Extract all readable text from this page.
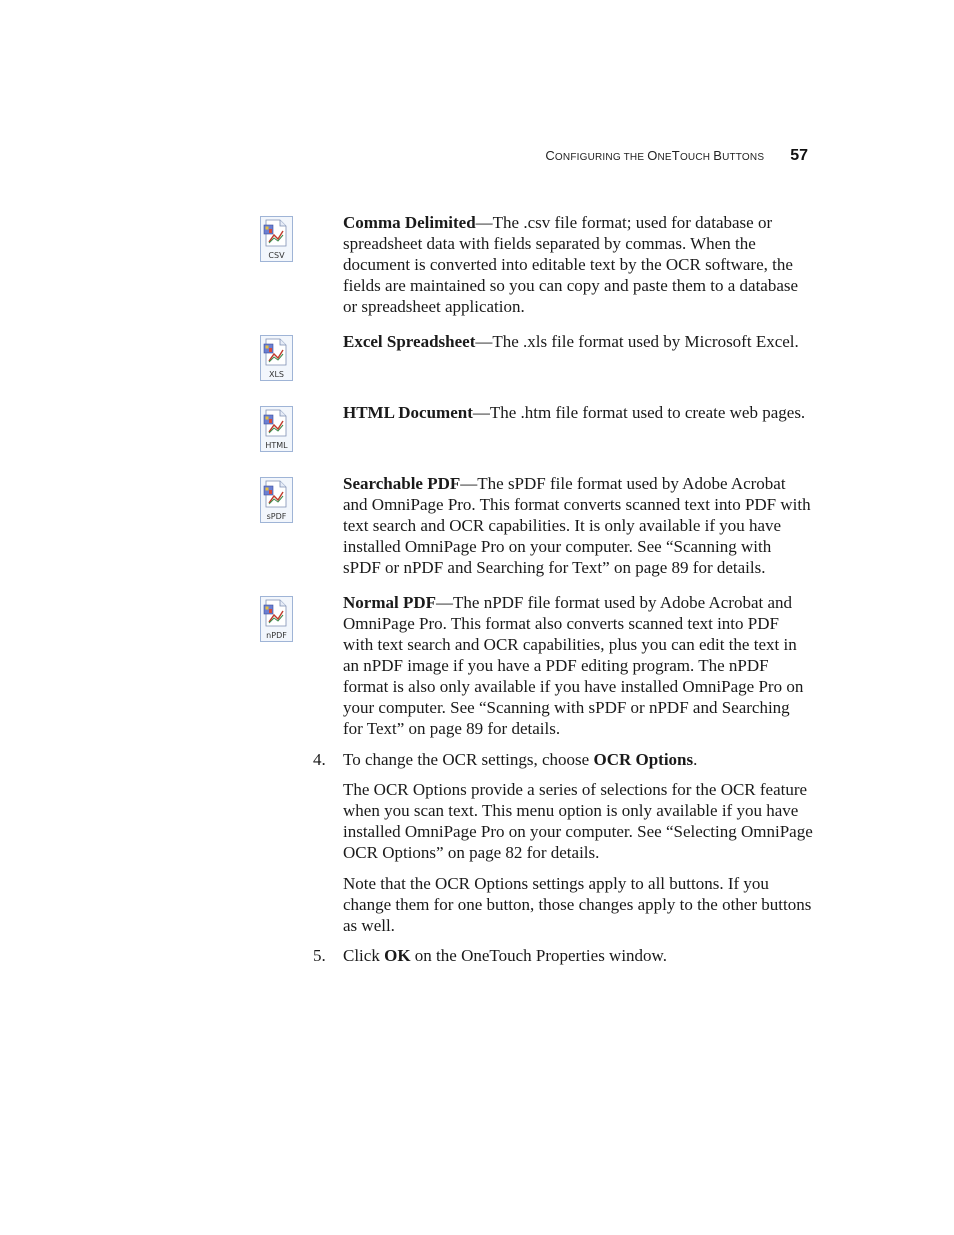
CONFIGURING THE ONETOUCH BUTTONS 57
CSV
Comma Delimited—The .csv file format; used for database or spreadsheet data with fields separated by commas. When the document is converted into editable text by the OCR software, the fields are maintained so you can copy and paste them to a database or spreadsheet application.
XLS
Excel Spreadsheet—The .xls file format used by Microsoft Excel.
HTML
HTML Document—The .htm file format used to create web pages.
sPDF
Searchable PDF—The sPDF file format used by Adobe Acrobat and OmniPage Pro. This format converts scanned text into PDF with text search and OCR capabilities. It is only available if you have installed OmniPage Pro on your computer. See “Scanning with sPDF or nPDF and Searching for Text” on page 89 for details.
nPDF
Normal PDF—The nPDF file format used by Adobe Acrobat and OmniPage Pro. This format also converts scanned text into PDF with text search and OCR capabilities, plus you can edit the text in an nPDF image if you have a PDF editing program. The nPDF format is also only available if you have installed OmniPage Pro on your computer. See “Scanning with sPDF or nPDF and Searching for Text” on page 89 for details.
4.	To change the OCR settings, choose OCR Options.
The OCR Options provide a series of selections for the OCR feature when you scan text. This menu option is only available if you have installed OmniPage Pro on your computer. See “Selecting OmniPage OCR Options” on page 82 for details.
Note that the OCR Options settings apply to all buttons. If you change them for one button, those changes apply to the other buttons as well.
5.	Click OK on the OneTouch Properties window.
